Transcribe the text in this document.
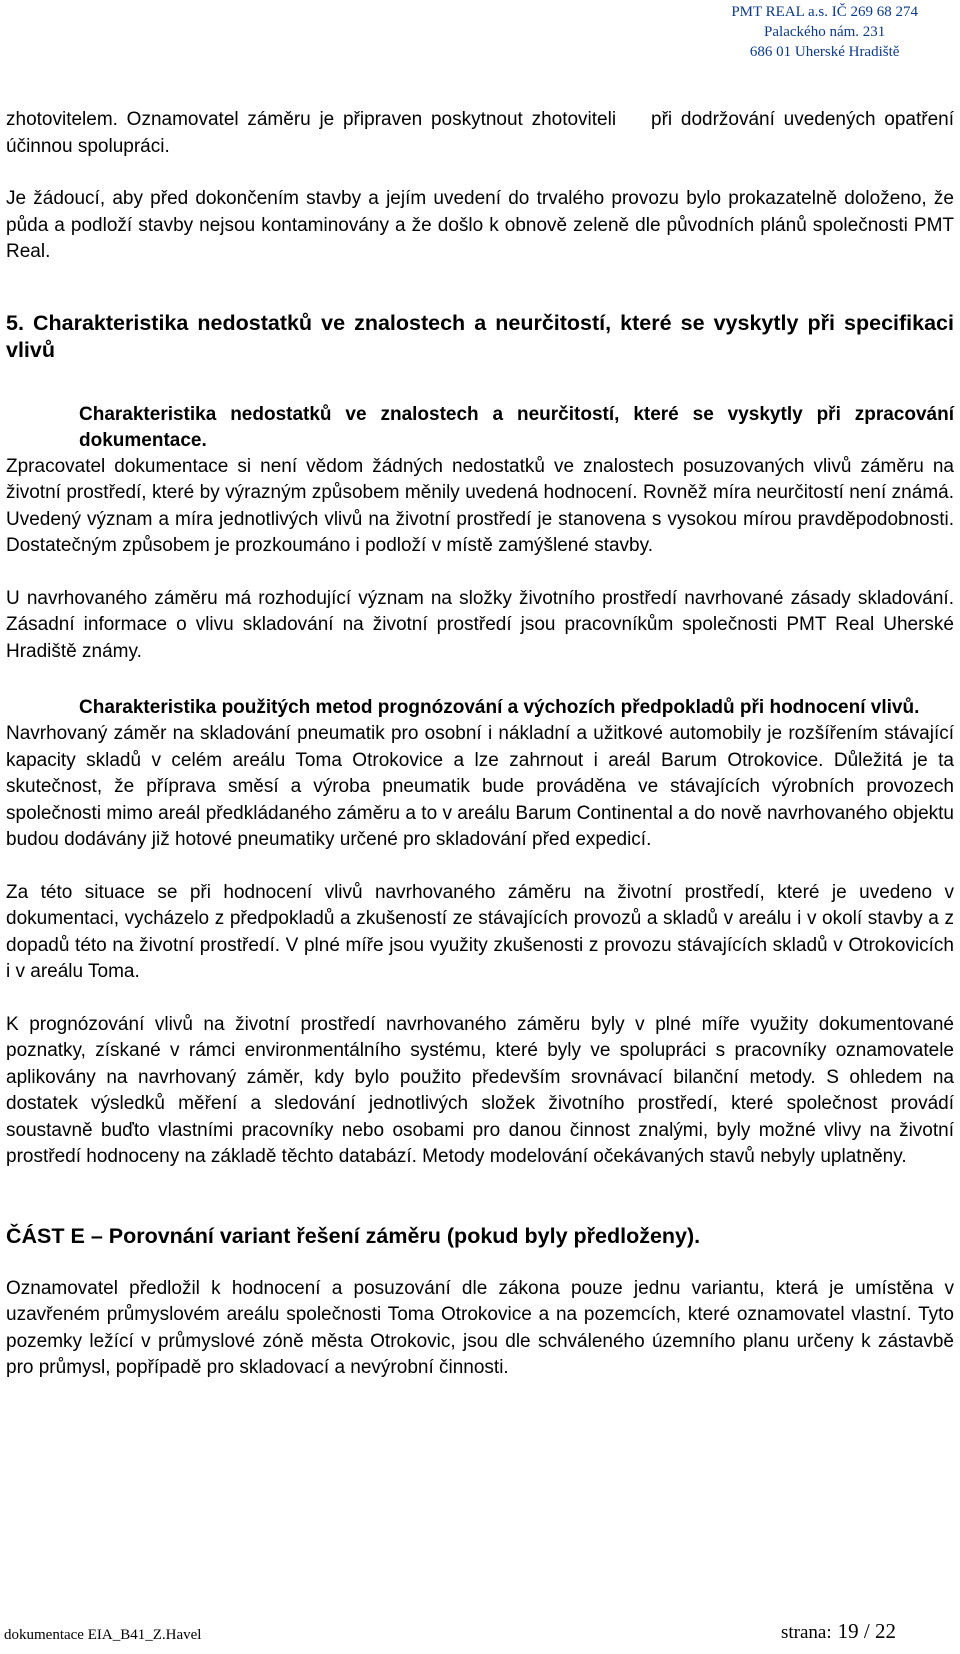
PMT REAL a.s. IČ 269 68 274
Palackého nám. 231
686 01 Uherské Hradiště

zhotovitelem. Oznamovatel záměru je připraven poskytnout zhotoviteli    při dodržování uvedených opatření účinnou spolupráci.

Je žádoucí, aby před dokončením stavby a jejím uvedení do trvalého provozu bylo prokazatelně doloženo, že půda a podloží stavby nejsou kontaminovány a že došlo k obnově zeleně dle původních plánů společnosti PMT Real.

5. Charakteristika nedostatků ve znalostech a neurčitostí, které se vyskytly při specifikaci vlivů

Charakteristika nedostatků ve znalostech a neurčitostí, které se vyskytly při zpracování dokumentace.

Zpracovatel dokumentace si není vědom žádných nedostatků ve znalostech posuzovaných vlivů záměru na životní prostředí, které by výrazným způsobem měnily uvedená hodnocení. Rovněž míra neurčitostí není známá. Uvedený význam a míra jednotlivých vlivů na životní prostředí je stanovena s vysokou mírou pravděpodobnosti. Dostatečným způsobem je prozkoumáno i podloží v místě zamýšlené stavby.

U navrhovaného záměru má rozhodující význam na složky životního prostředí navrhované zásady skladování. Zásadní informace o vlivu skladování na životní prostředí jsou pracovníkům společnosti PMT Real Uherské Hradiště známy.

Charakteristika použitých metod prognózování a výchozích předpokladů při hodnocení vlivů.

Navrhovaný záměr na skladování pneumatik pro osobní i nákladní a užitkové automobily je rozšířením stávající kapacity skladů v celém areálu Toma Otrokovice a lze zahrnout i areál Barum Otrokovice. Důležitá je ta skutečnost, že příprava směsí a výroba pneumatik bude prováděna ve stávajících výrobních provozech společnosti mimo areál předkládaného záměru a to v areálu Barum Continental a do nově navrhovaného objektu budou dodávány již hotové pneumatiky určené pro skladování před expedicí.

Za této situace se při hodnocení vlivů navrhovaného záměru na životní prostředí, které je uvedeno v dokumentaci, vycházelo z předpokladů a zkušeností ze stávajících provozů a skladů v areálu i v okolí stavby a z dopadů této na životní prostředí. V plné míře jsou využity zkušenosti z provozu stávajících skladů v Otrokovicích i v areálu Toma.

K prognózování vlivů na životní prostředí navrhovaného záměru byly v plné míře využity dokumentované poznatky, získané v rámci environmentálního systému, které byly ve spolupráci s pracovníky oznamovatele aplikovány na navrhovaný záměr, kdy bylo použito především srovnávací bilanční metody. S ohledem na dostatek výsledků měření a sledování jednotlivých složek životního prostředí, které společnost provádí soustavně buďto vlastními pracovníky nebo osobami pro danou činnost znalými, byly možné vlivy na životní prostředí hodnoceny na základě těchto databází. Metody modelování očekávaných stavů nebyly uplatněny.

ČÁST E – Porovnání variant řešení záměru (pokud byly předloženy).

Oznamovatel předložil k hodnocení a posuzování dle zákona pouze jednu variantu, která je umístěna v uzavřeném průmyslovém areálu společnosti Toma Otrokovice a na pozemcích, které oznamovatel vlastní. Tyto pozemky ležící v průmyslové zóně města Otrokovic, jsou dle schváleného územního planu určeny k zástavbě pro průmysl, popřípadě pro skladovací a nevýrobní činnosti.

dokumentace EIA_B41_Z.Havel	strana: 19 / 22
